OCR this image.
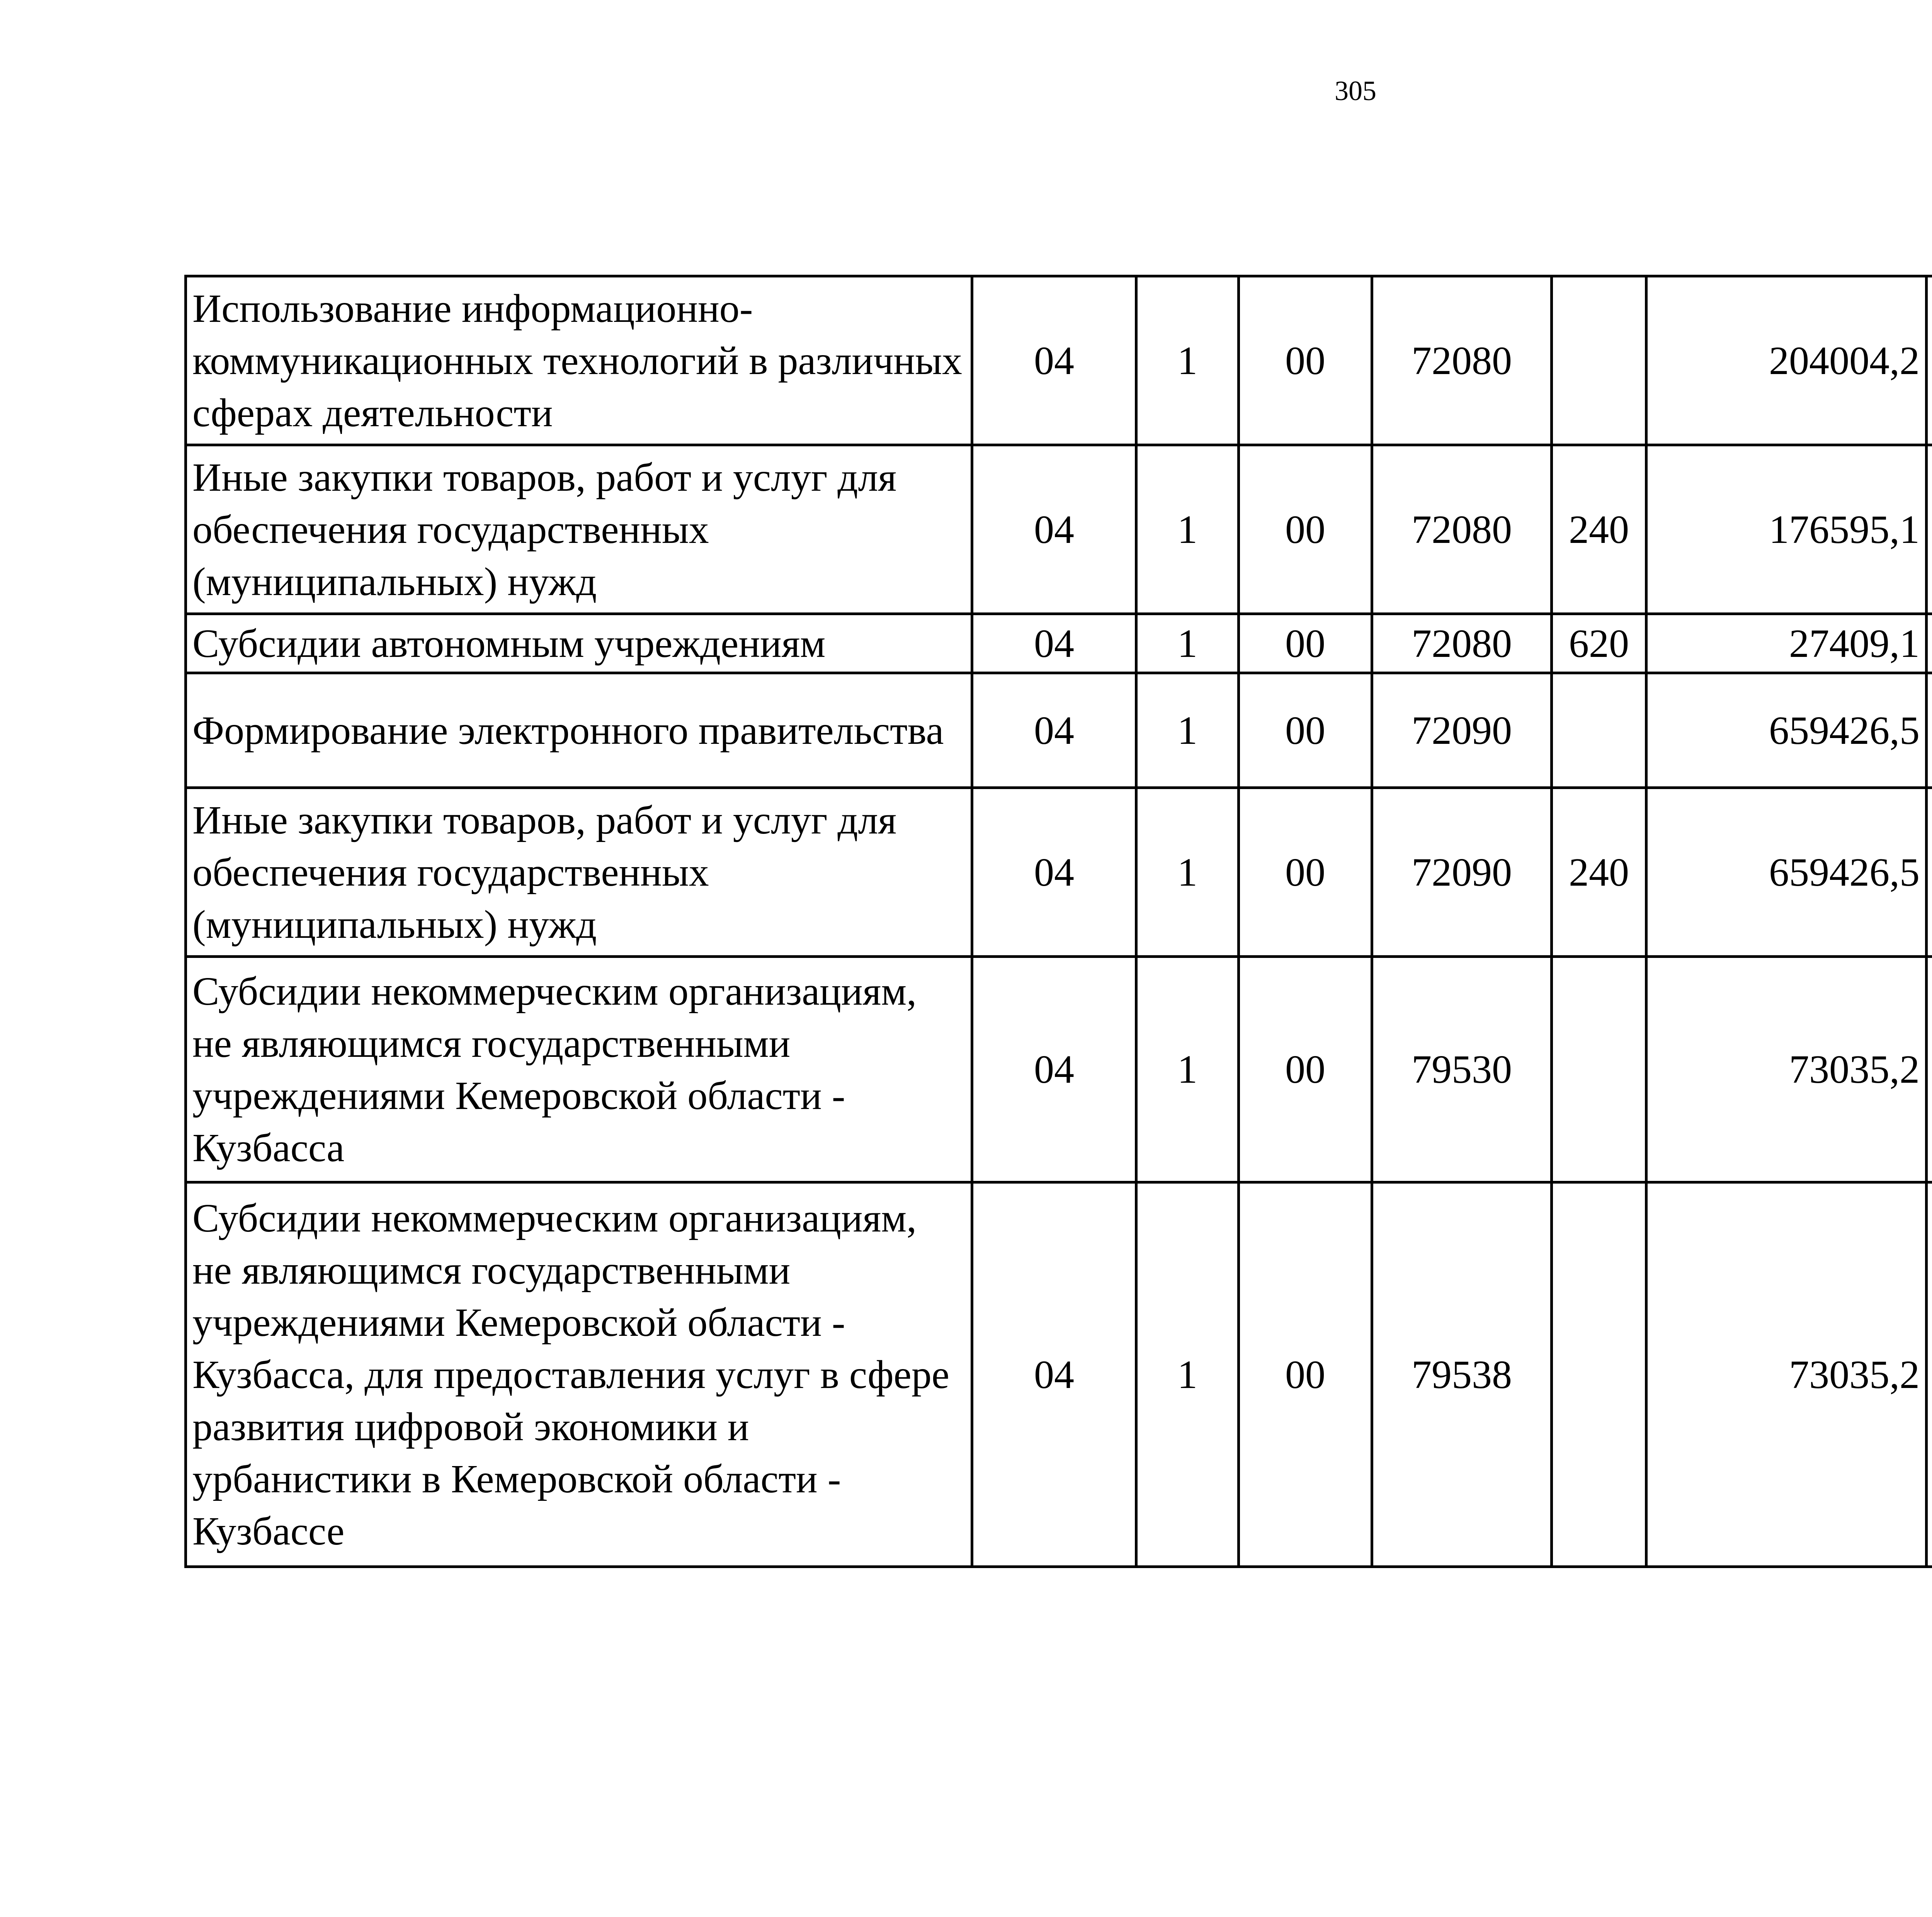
305
Использование информационно-коммуникационных технологий в различных сферах деятельности	04	1	00	72080		204004,2		
Иные закупки товаров, работ и услуг для обеспечения государственных (муниципальных) нужд	04	1	00	72080	240	176595,1		
Субсидии автономным учреждениям	04	1	00	72080	620	27409,1		
Формирование электронного правительства	04	1	00	72090		659426,5		
Иные закупки товаров, работ и услуг для обеспечения государственных (муниципальных) нужд	04	1	00	72090	240	659426,5		
Субсидии некоммерческим организациям, не являющимся государственными учреждениями Кемеровской области - Кузбасса	04	1	00	79530		73035,2		
Субсидии некоммерческим организациям, не являющимся государственными учреждениями Кемеровской области - Кузбасса, для предоставления услуг в сфере развития цифровой экономики и урбанистики в Кемеровской области - Кузбассе	04	1	00	79538		73035,2		
